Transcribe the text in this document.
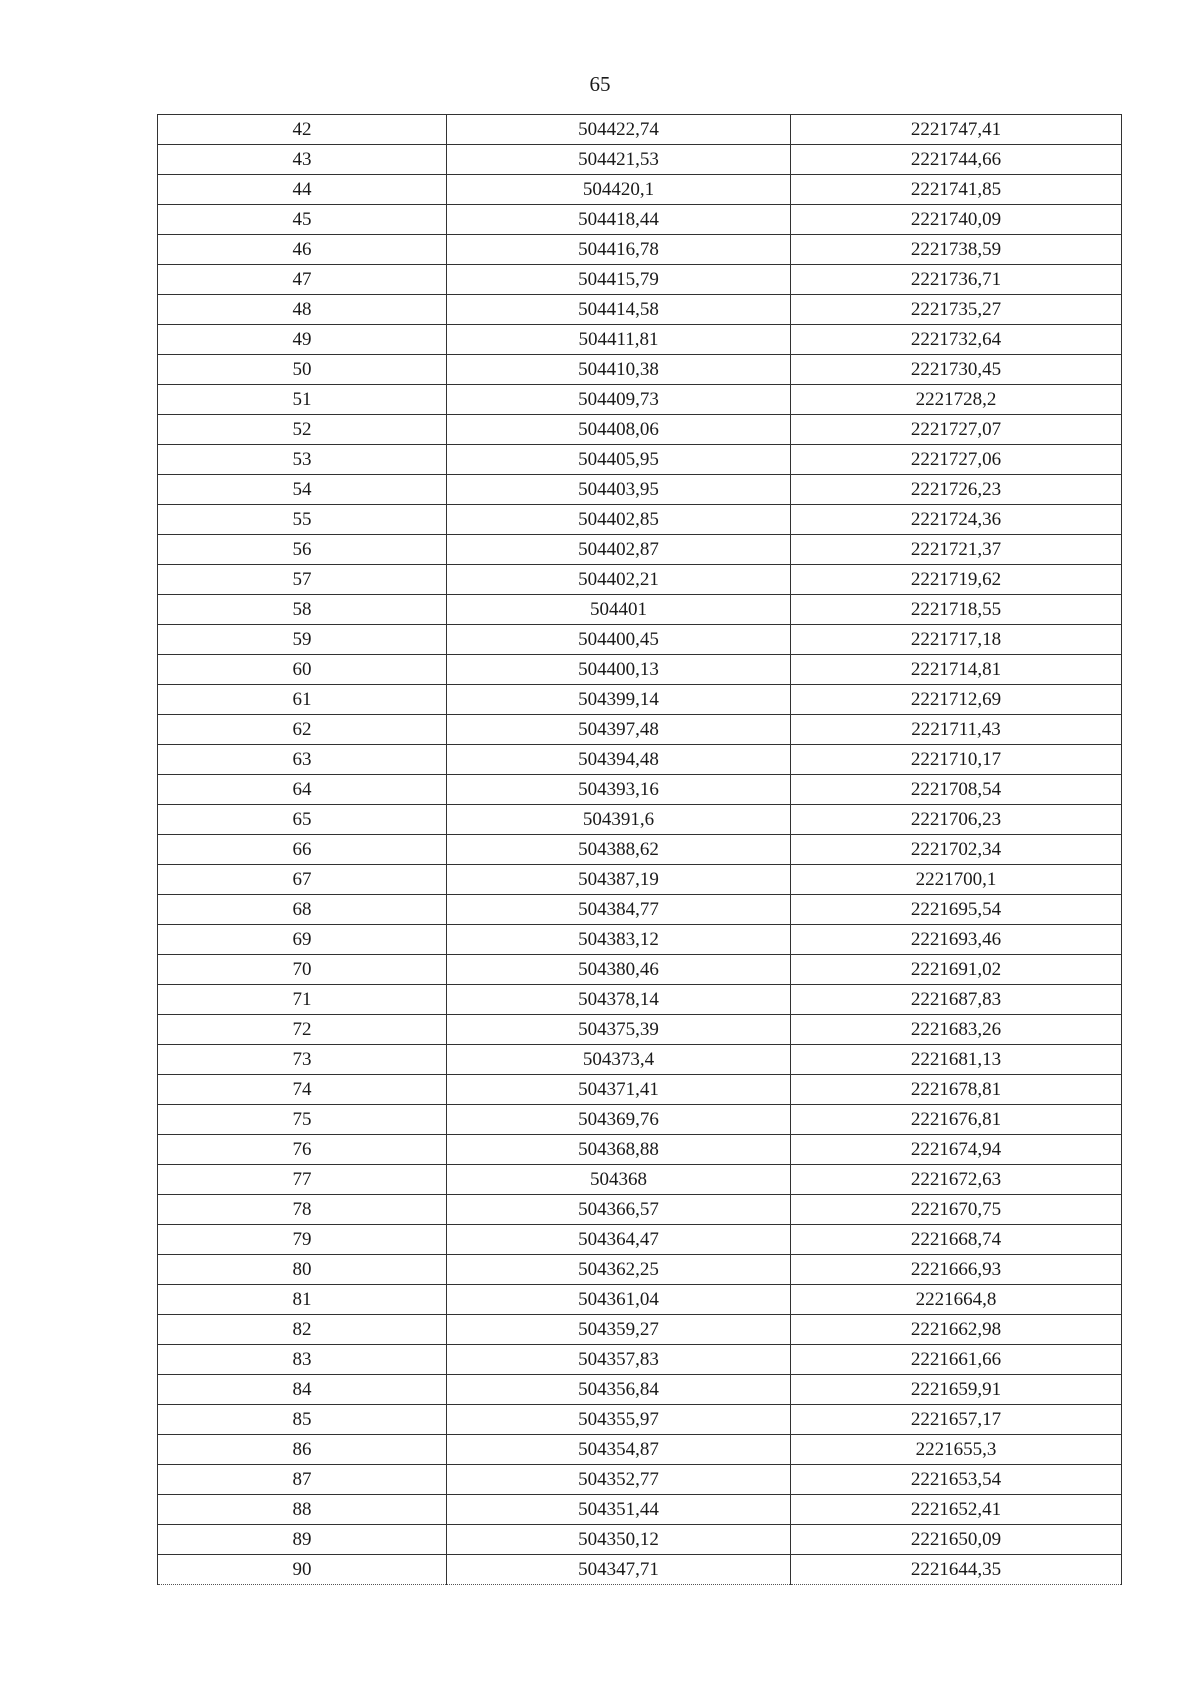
65
42	504422,74	2221747,41
43	504421,53	2221744,66
44	504420,1	2221741,85
45	504418,44	2221740,09
46	504416,78	2221738,59
47	504415,79	2221736,71
48	504414,58	2221735,27
49	504411,81	2221732,64
50	504410,38	2221730,45
51	504409,73	2221728,2
52	504408,06	2221727,07
53	504405,95	2221727,06
54	504403,95	2221726,23
55	504402,85	2221724,36
56	504402,87	2221721,37
57	504402,21	2221719,62
58	504401	2221718,55
59	504400,45	2221717,18
60	504400,13	2221714,81
61	504399,14	2221712,69
62	504397,48	2221711,43
63	504394,48	2221710,17
64	504393,16	2221708,54
65	504391,6	2221706,23
66	504388,62	2221702,34
67	504387,19	2221700,1
68	504384,77	2221695,54
69	504383,12	2221693,46
70	504380,46	2221691,02
71	504378,14	2221687,83
72	504375,39	2221683,26
73	504373,4	2221681,13
74	504371,41	2221678,81
75	504369,76	2221676,81
76	504368,88	2221674,94
77	504368	2221672,63
78	504366,57	2221670,75
79	504364,47	2221668,74
80	504362,25	2221666,93
81	504361,04	2221664,8
82	504359,27	2221662,98
83	504357,83	2221661,66
84	504356,84	2221659,91
85	504355,97	2221657,17
86	504354,87	2221655,3
87	504352,77	2221653,54
88	504351,44	2221652,41
89	504350,12	2221650,09
90	504347,71	2221644,35
